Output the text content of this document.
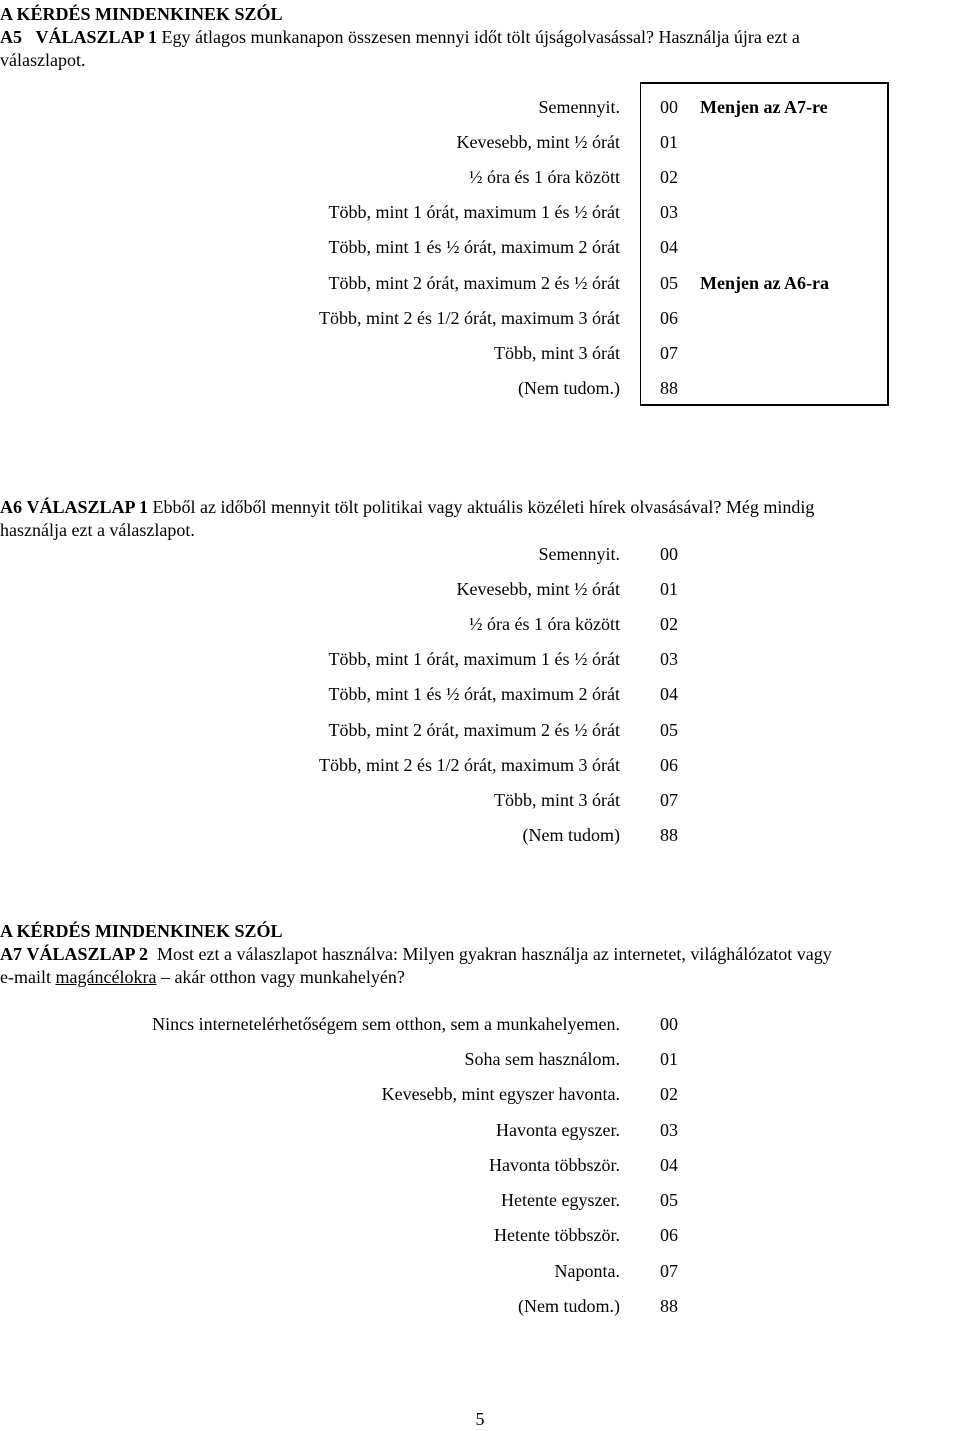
A KÉRDÉS MINDENKINEK SZÓL
A5 VÁLASZLAP 1 Egy átlagos munkanapon összesen mennyi időt tölt újságolvasással? Használja újra ezt a
válaszlapot.
Semennyit. 00 Menjen az A7-re
Kevesebb, mint ½ órát 01
½ óra és 1 óra között 02
Több, mint 1 órát, maximum 1 és ½ órát 03
Több, mint 1 és ½ órát, maximum 2 órát 04
Több, mint 2 órát, maximum 2 és ½ órát 05 Menjen az A6-ra
Több, mint 2 és 1/2 órát, maximum 3 órát 06
Több, mint 3 órát 07
(Nem tudom.) 88
A6 VÁLASZLAP 1 Ebből az időből mennyit tölt politikai vagy aktuális közéleti hírek olvasásával? Még mindig
használja ezt a válaszlapot.
Semennyit. 00
Kevesebb, mint ½ órát 01
½ óra és 1 óra között 02
Több, mint 1 órát, maximum 1 és ½ órát 03
Több, mint 1 és ½ órát, maximum 2 órát 04
Több, mint 2 órát, maximum 2 és ½ órát 05
Több, mint 2 és 1/2 órát, maximum 3 órát 06
Több, mint 3 órát 07
(Nem tudom) 88
A KÉRDÉS MINDENKINEK SZÓL
A7 VÁLASZLAP 2 Most ezt a válaszlapot használva: Milyen gyakran használja az internetet, világhálózatot vagy
e-mailt magáncélokra – akár otthon vagy munkahelyén?
Nincs internetelérhetőségem sem otthon, sem a munkahelyemen. 00
Soha sem használom. 01
Kevesebb, mint egyszer havonta. 02
Havonta egyszer. 03
Havonta többször. 04
Hetente egyszer. 05
Hetente többször. 06
Naponta. 07
(Nem tudom.) 88
5
